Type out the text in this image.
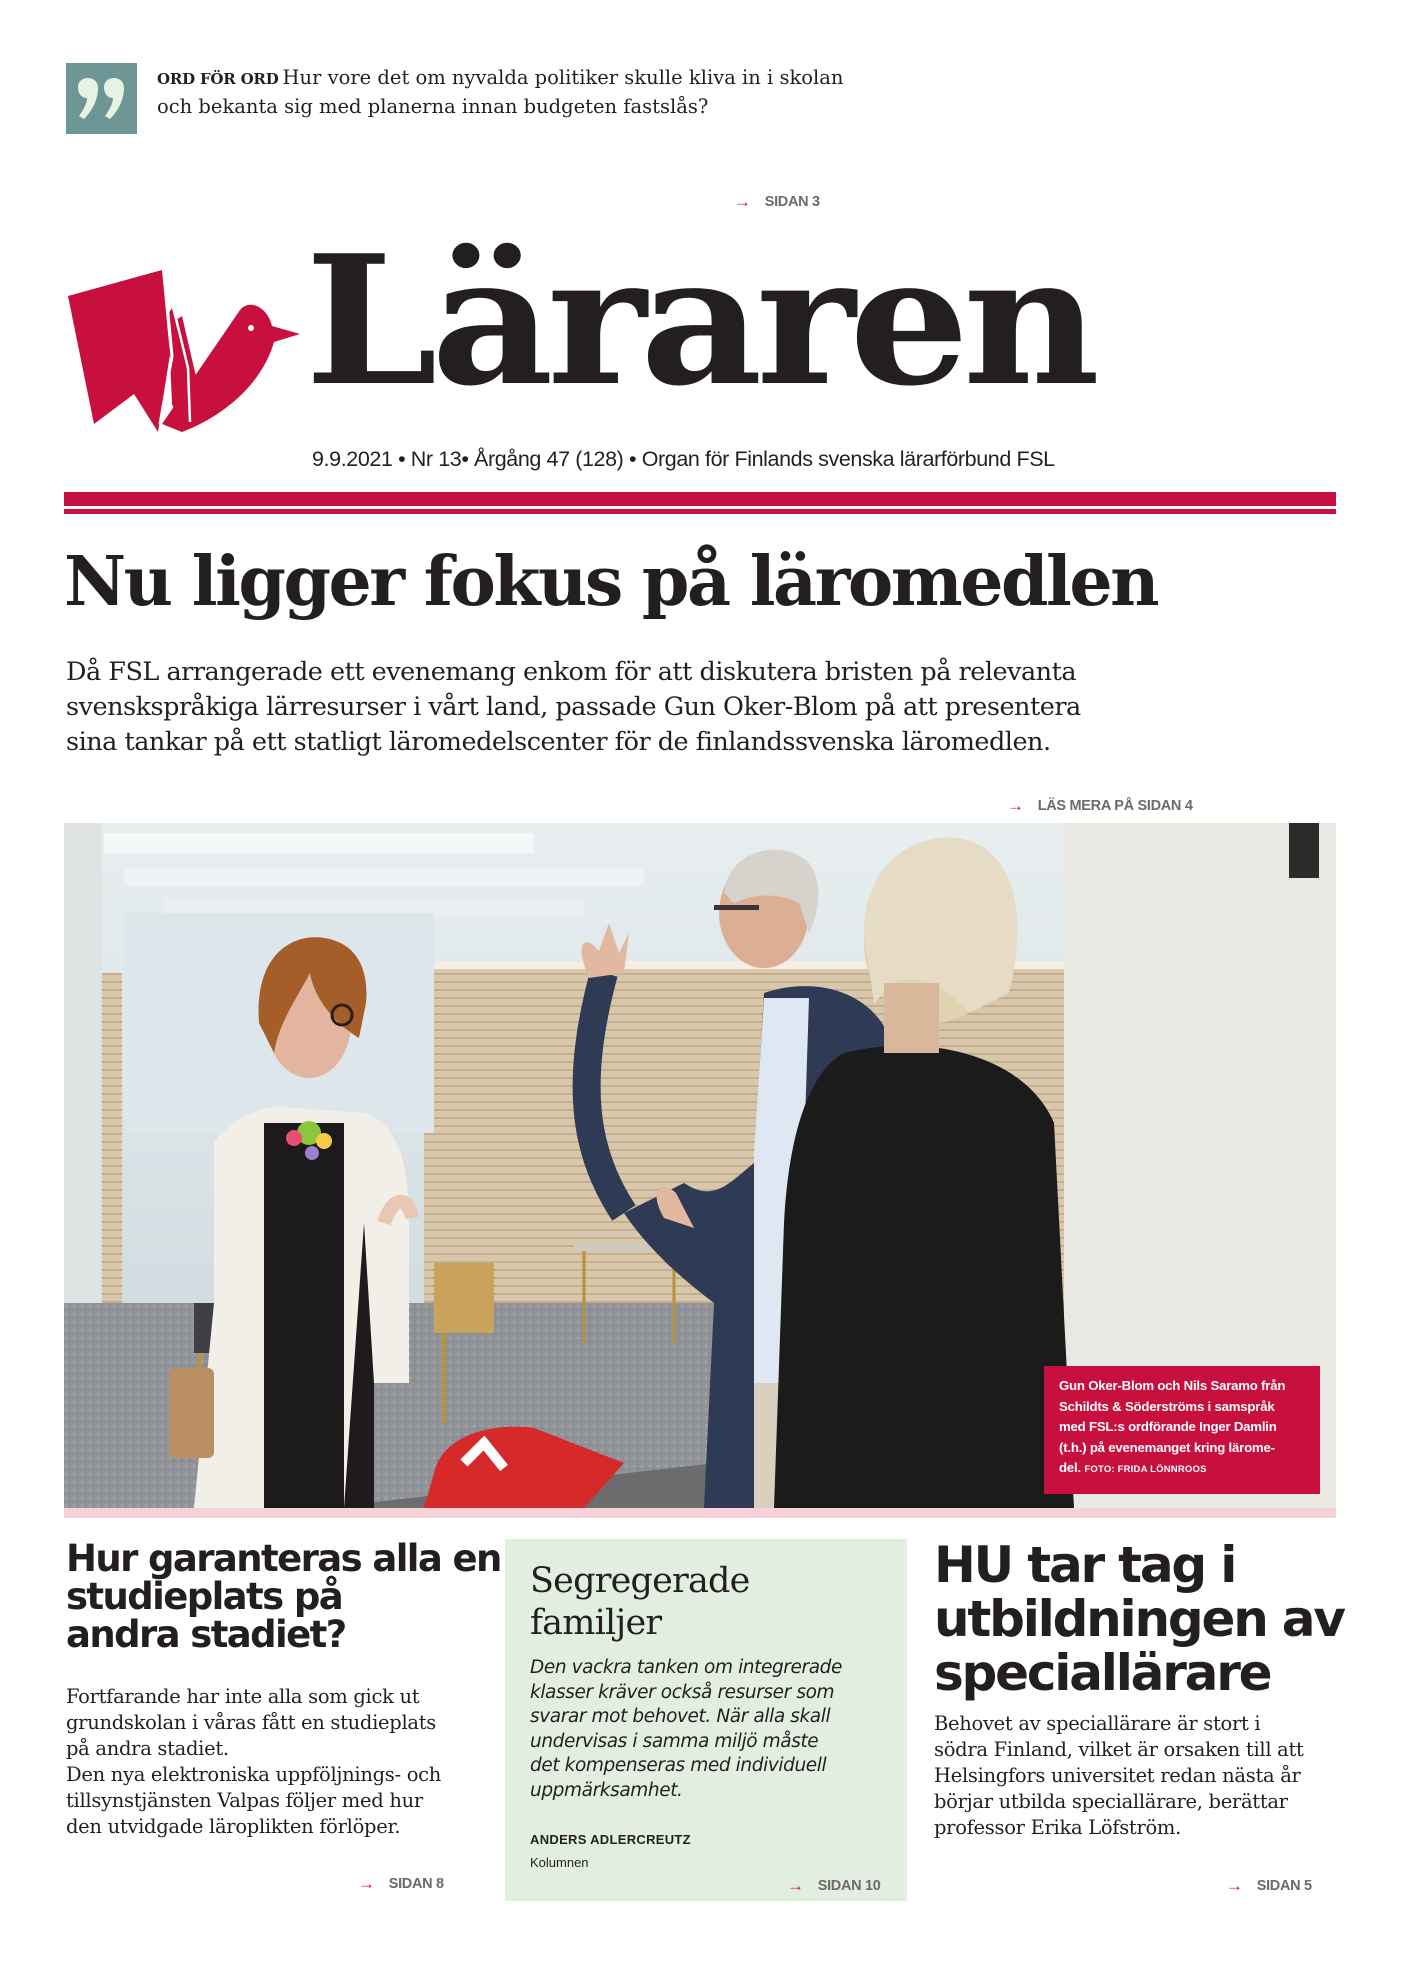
ORD FÖR ORD Hur vore det om nyvalda politiker skulle kliva in i skolan
och bekanta sig med planerna innan budgeten fastslås?
→ SIDAN 3
Läraren
9.9.2021 • Nr 13• Årgång 47 (128) • Organ för Finlands svenska lärarförbund FSL
Nu ligger fokus på läromedlen
Då FSL arrangerade ett evenemang enkom för att diskutera bristen på relevanta
svenskspråkiga lärresurser i vårt land, passade Gun Oker-Blom på att presentera
sina tankar på ett statligt läromedelscenter för de finlandssvenska läromedlen.
→ LÄS MERA PÅ SIDAN 4
Gun Oker-Blom och Nils Saramo från
Schildts & Söderströms i samspråk
med FSL:s ordförande Inger Damlin
(t.h.) på evenemanget kring lärome-
del. FOTO: FRIDA LÖNNROOS
Hur garanteras alla en
studieplats på
andra stadiet?
Fortfarande har inte alla som gick ut
grundskolan i våras fått en studieplats
på andra stadiet.
Den nya elektroniska uppföljnings- och
tillsynstjänsten Valpas följer med hur
den utvidgade läroplikten förlöper.
→ SIDAN 8
Segregerade
familjer
Den vackra tanken om integrerade
klasser kräver också resurser som
svarar mot behovet. När alla skall
undervisas i samma miljö måste
det kompenseras med individuell
uppmärksamhet.
ANDERS ADLERCREUTZ
Kolumnen
→ SIDAN 10
HU tar tag i
utbildningen av
speciallärare
Behovet av speciallärare är stort i
södra Finland, vilket är orsaken till att
Helsingfors universitet redan nästa år
börjar utbilda speciallärare, berättar
professor Erika Löfström.
→ SIDAN 5
